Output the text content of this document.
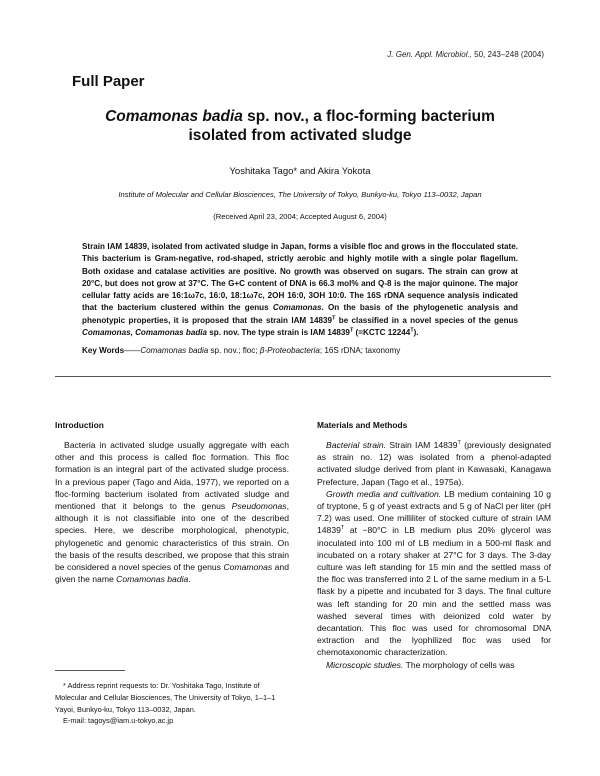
J. Gen. Appl. Microbiol., 50, 243–248 (2004)
Full Paper
Comamonas badia sp. nov., a floc-forming bacterium
isolated from activated sludge
Yoshitaka Tago* and Akira Yokota
Institute of Molecular and Cellular Biosciences, The University of Tokyo, Bunkyo-ku, Tokyo 113–0032, Japan
(Received April 23, 2004; Accepted August 6, 2004)
Strain IAM 14839, isolated from activated sludge in Japan, forms a visible floc and grows in the flocculated state. This bacterium is Gram-negative, rod-shaped, strictly aerobic and highly motile with a single polar flagellum. Both oxidase and catalase activities are positive. No growth was observed on sugars. The strain can grow at 20°C, but does not grow at 37°C. The G+C content of DNA is 66.3 mol% and Q-8 is the major quinone. The major cellular fatty acids are 16:1ω7c, 16:0, 18:1ω7c, 2OH 16:0, 3OH 10:0. The 16S rDNA sequence analysis indicated that the bacterium clustered within the genus Comamonas. On the basis of the phylogenetic analysis and phenotypic properties, it is proposed that the strain IAM $14839^T$ be classified in a novel species of the genus Comamonas, Comamonas badia sp. nov. The type strain is IAM $14839^T$ (=KCTC $12244^T$).
Key Words——Comamonas badia sp. nov.; floc; β-Proteobacteria; 16S rDNA; taxonomy
Introduction	Materials and Methods

Bacteria in activated sludge usually aggregate with each other and this process is called floc formation. This floc formation is an integral part of the activated sludge process. In a previous paper (Tago and Aida, 1977), we reported on a floc-forming bacterium isolated from activated sludge and mentioned that it belongs to the genus Pseudomonas, although it is not classifiable into one of the described species. Here, we describe morphological, phenotypic, phylogenetic and genomic characteristics of this strain. On the basis of the results described, we propose that this strain be considered a novel species of the genus Comamonas and given the name Comamonas badia.

Bacterial strain. Strain IAM $14839^T$ (previously designated as strain no. 12) was isolated from a phenol-adapted activated sludge derived from plant in Kawasaki, Kanagawa Prefecture, Japan (Tago et al., 1975a).

Growth media and cultivation. LB medium containing 10 g of tryptone, 5 g of yeast extracts and 5 g of NaCl per liter (pH 7.2) was used. One milliliter of stocked culture of strain IAM $14839^T$ at −80°C in LB medium plus 20% glycerol was inoculated into 100 ml of LB medium in a 500-ml flask and incubated on a rotary shaker at 27°C for 3 days. The 3-day culture was left standing for 15 min and the settled mass of the floc was transferred into 2 L of the same medium in a 5-L flask by a pipette and incubated for 3 days. The final culture was left standing for 20 min and the settled mass was washed several times with deionized cold water by decantation. This floc was used for chromosomal DNA extraction and the lyophilized floc was used for chemotaxonomic characterization.

Microscopic studies. The morphology of cells was

* Address reprint requests to: Dr. Yoshitaka Tago, Institute of Molecular and Cellular Biosciences, The University of Tokyo, 1–1–1 Yayoi, Bunkyo-ku, Tokyo 113–0032, Japan.
E-mail: tagoys@iam.u-tokyo.ac.jp
